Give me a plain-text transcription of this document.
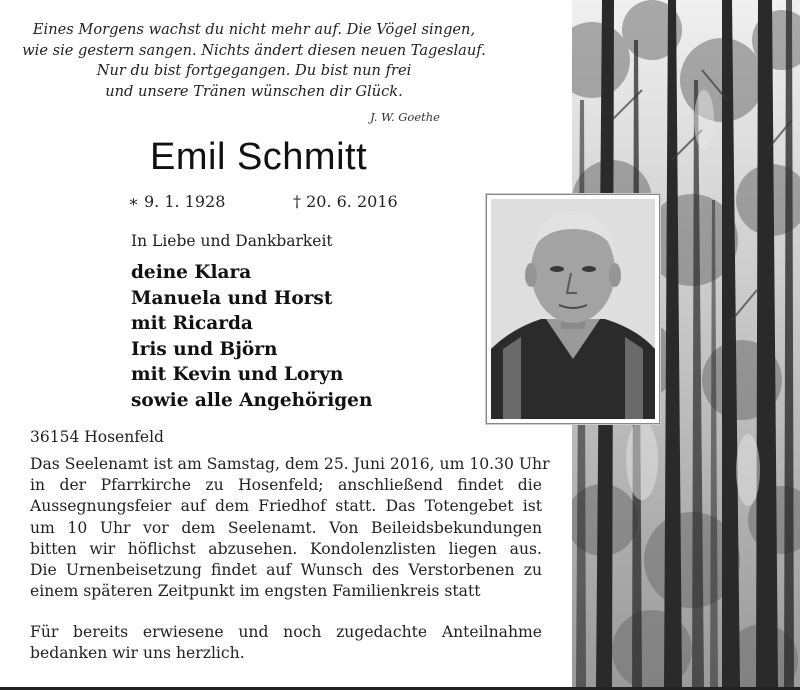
Eines Morgens wachst du nicht mehr auf. Die Vögel singen,
wie sie gestern sangen. Nichts ändert diesen neuen Tageslauf.
Nur du bist fortgegangen. Du bist nun frei
und unsere Tränen wünschen dir Glück.
J. W. Goethe
Emil Schmitt
∗ 9. 1. 1928	† 20. 6. 2016
In Liebe und Dankbarkeit
deine Klara
Manuela und Horst
mit Ricarda
Iris und Björn
mit Kevin und Loryn
sowie alle Angehörigen
36154 Hosenfeld
Das Seelenamt ist am Samstag, dem 25. Juni 2016, um 10.30 Uhr
in der Pfarrkirche zu Hosenfeld; anschließend findet die
Aussegnungsfeier auf dem Friedhof statt. Das Totengebet ist
um 10 Uhr vor dem Seelenamt. Von Beileidsbekundungen
bitten wir höflichst abzusehen. Kondolenzlisten liegen aus.
Die Urnenbeisetzung findet auf Wunsch des Verstorbenen zu
einem späteren Zeitpunkt im engsten Familienkreis statt
Für bereits erwiesene und noch zugedachte Anteilnahme
bedanken wir uns herzlich.
